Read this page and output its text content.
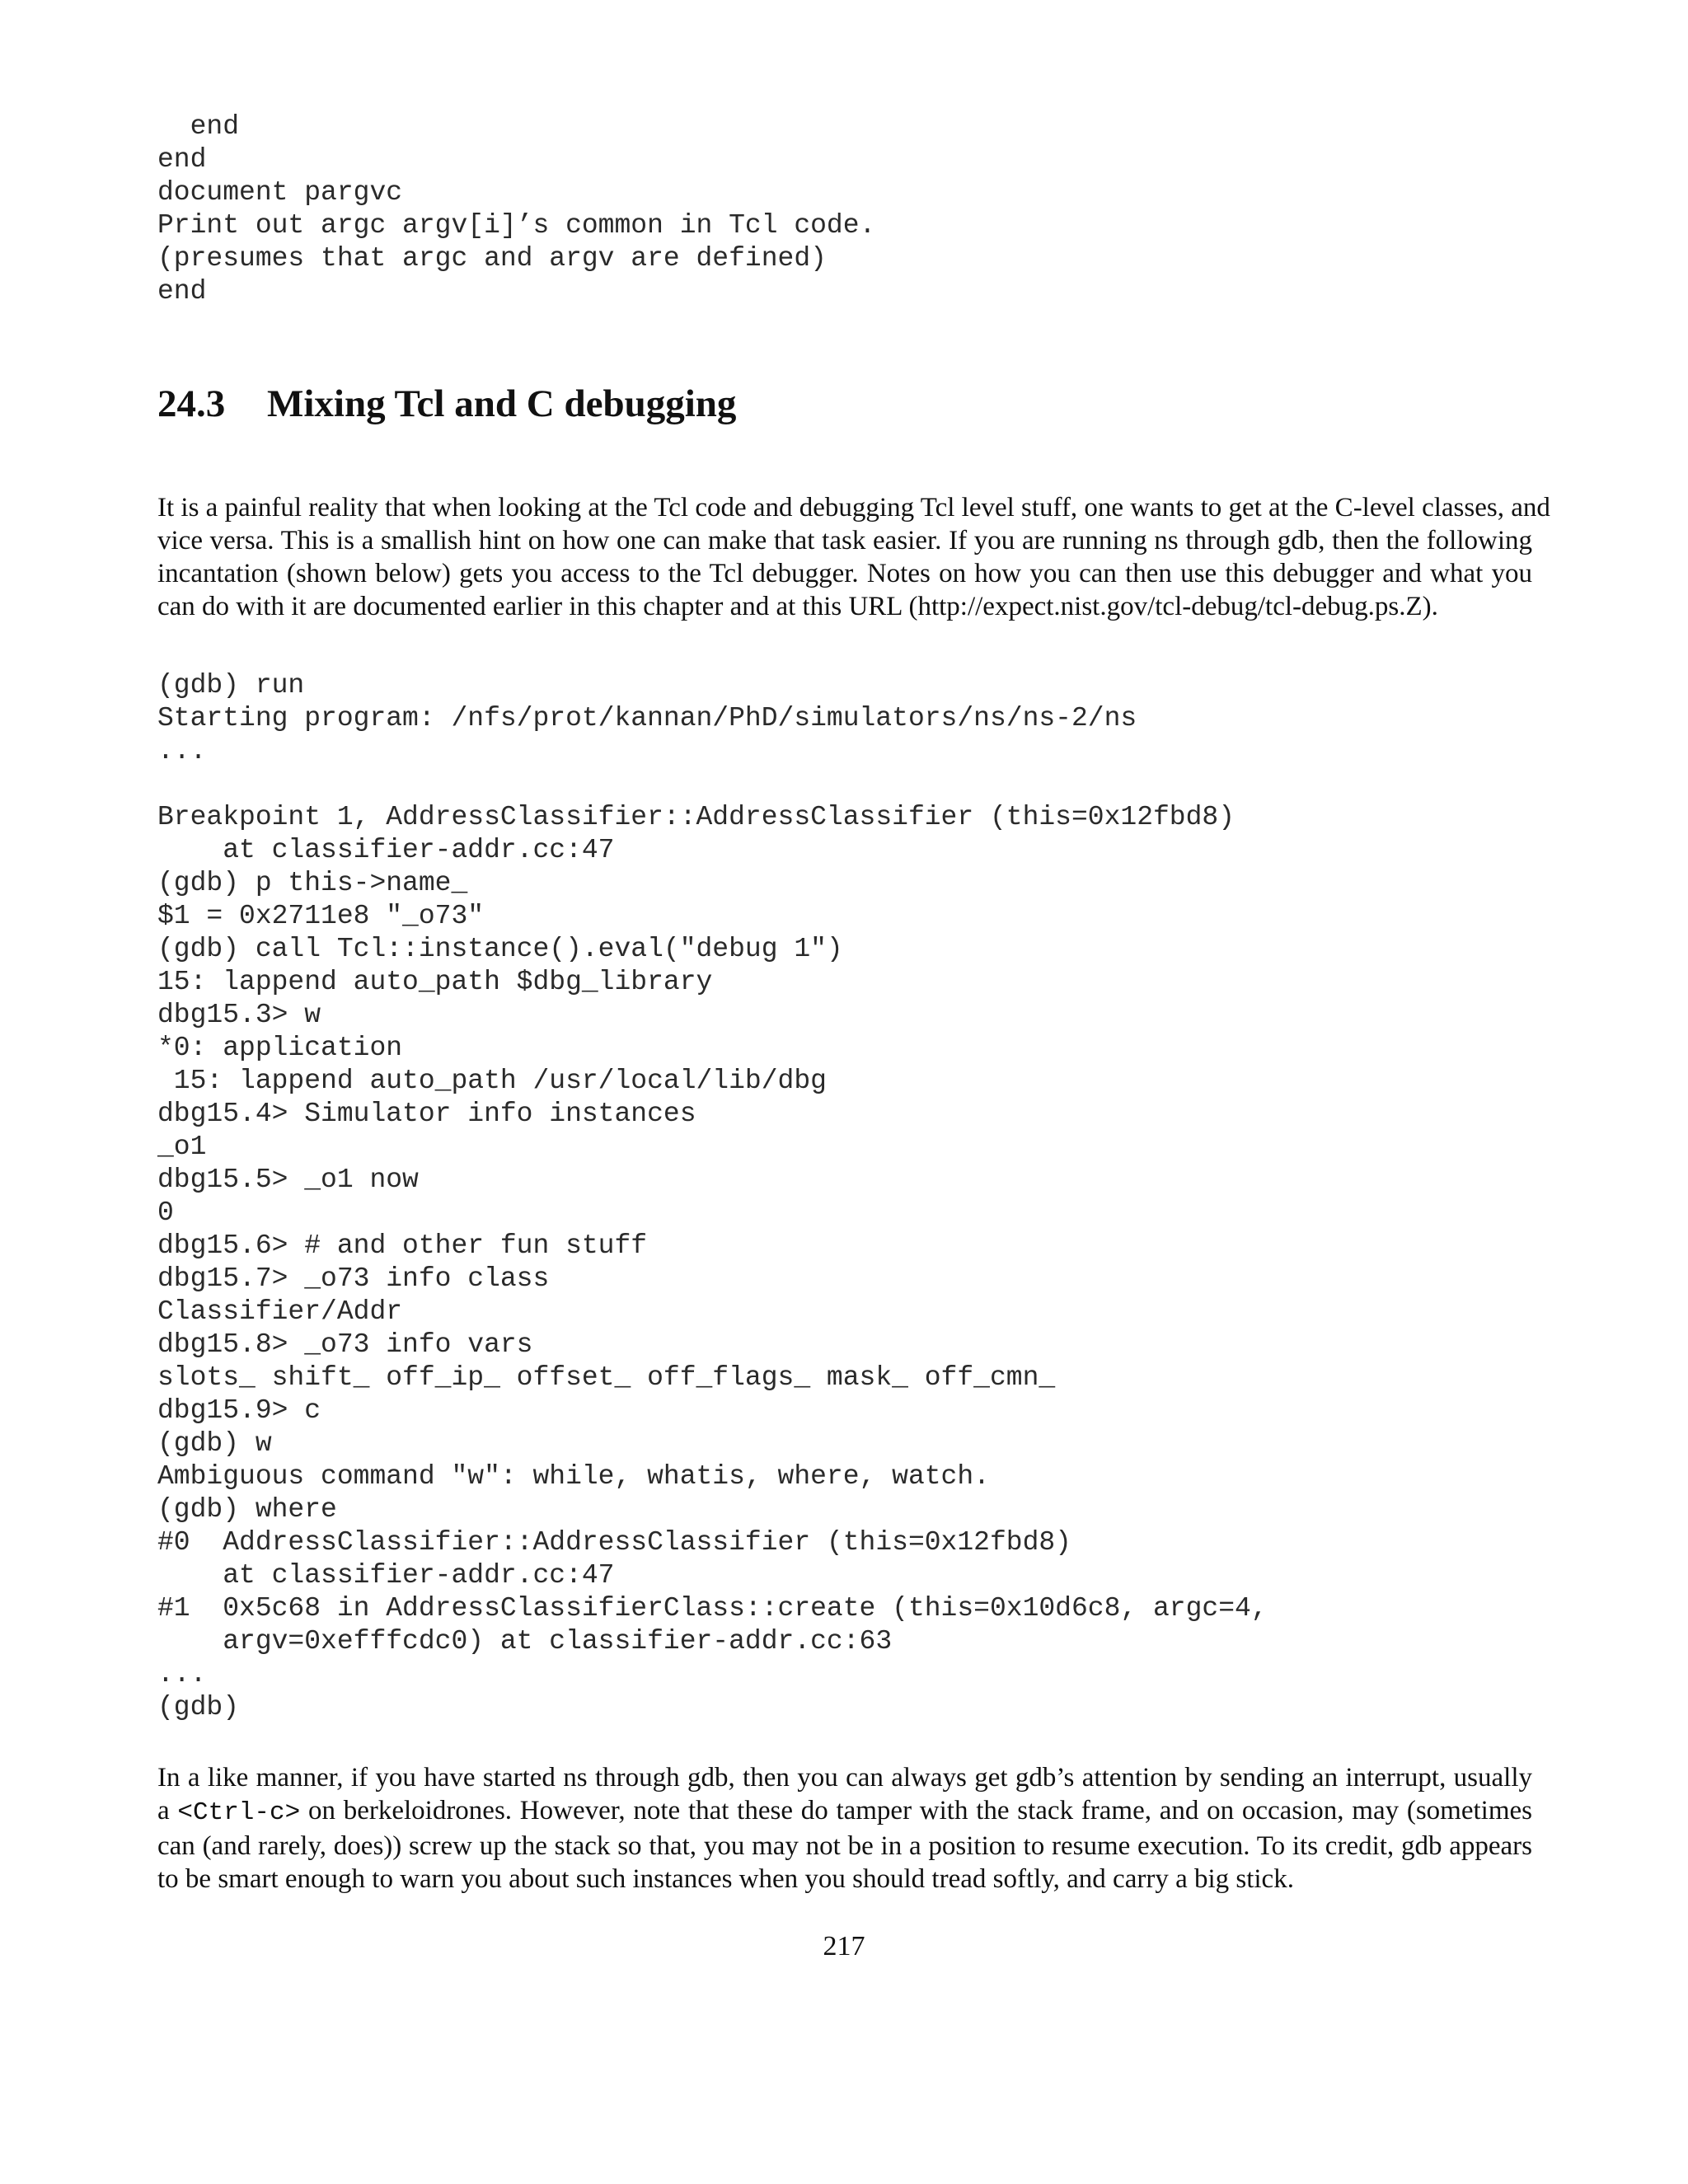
end
end
document pargvc
Print out argc argv[i]’s common in Tcl code.
(presumes that argc and argv are defined)
end
24.3 Mixing Tcl and C debugging

It is a painful reality that when looking at the Tcl code and debugging Tcl level stuff, one wants to get at the C-level classes, and
vice versa. This is a smallish hint on how one can make that task easier. If you are running ns through gdb, then the following
incantation (shown below) gets you access to the Tcl debugger. Notes on how you can then use this debugger and what you
can do with it are documented earlier in this chapter and at this URL (http://expect.nist.gov/tcl-debug/tcl-debug.ps.Z).

(gdb) run
Starting program: /nfs/prot/kannan/PhD/simulators/ns/ns-2/ns
...

Breakpoint 1, AddressClassifier::AddressClassifier (this=0x12fbd8)
at classifier-addr.cc:47
(gdb) p this->name_
$1 = 0x2711e8 "_o73"
(gdb) call Tcl::instance().eval("debug 1")
15: lappend auto_path $dbg_library
dbg15.3> w
*0: application
15: lappend auto_path /usr/local/lib/dbg
dbg15.4> Simulator info instances
_o1
dbg15.5> _o1 now
0
dbg15.6> # and other fun stuff
dbg15.7> _o73 info class
Classifier/Addr
dbg15.8> _o73 info vars
slots_ shift_ off_ip_ offset_ off_flags_ mask_ off_cmn_
dbg15.9> c
(gdb) w
Ambiguous command "w": while, whatis, where, watch.
(gdb) where
#0  AddressClassifier::AddressClassifier (this=0x12fbd8)
at classifier-addr.cc:47
#1  0x5c68 in AddressClassifierClass::create (this=0x10d6c8, argc=4,
argv=0xefffcdc0) at classifier-addr.cc:63
...
(gdb)

In a like manner, if you have started ns through gdb, then you can always get gdb’s attention by sending an interrupt, usually
a <Ctrl-c> on berkeloidrones. However, note that these do tamper with the stack frame, and on occasion, may (sometimes
can (and rarely, does)) screw up the stack so that, you may not be in a position to resume execution. To its credit, gdb appears
to be smart enough to warn you about such instances when you should tread softly, and carry a big stick.

217
